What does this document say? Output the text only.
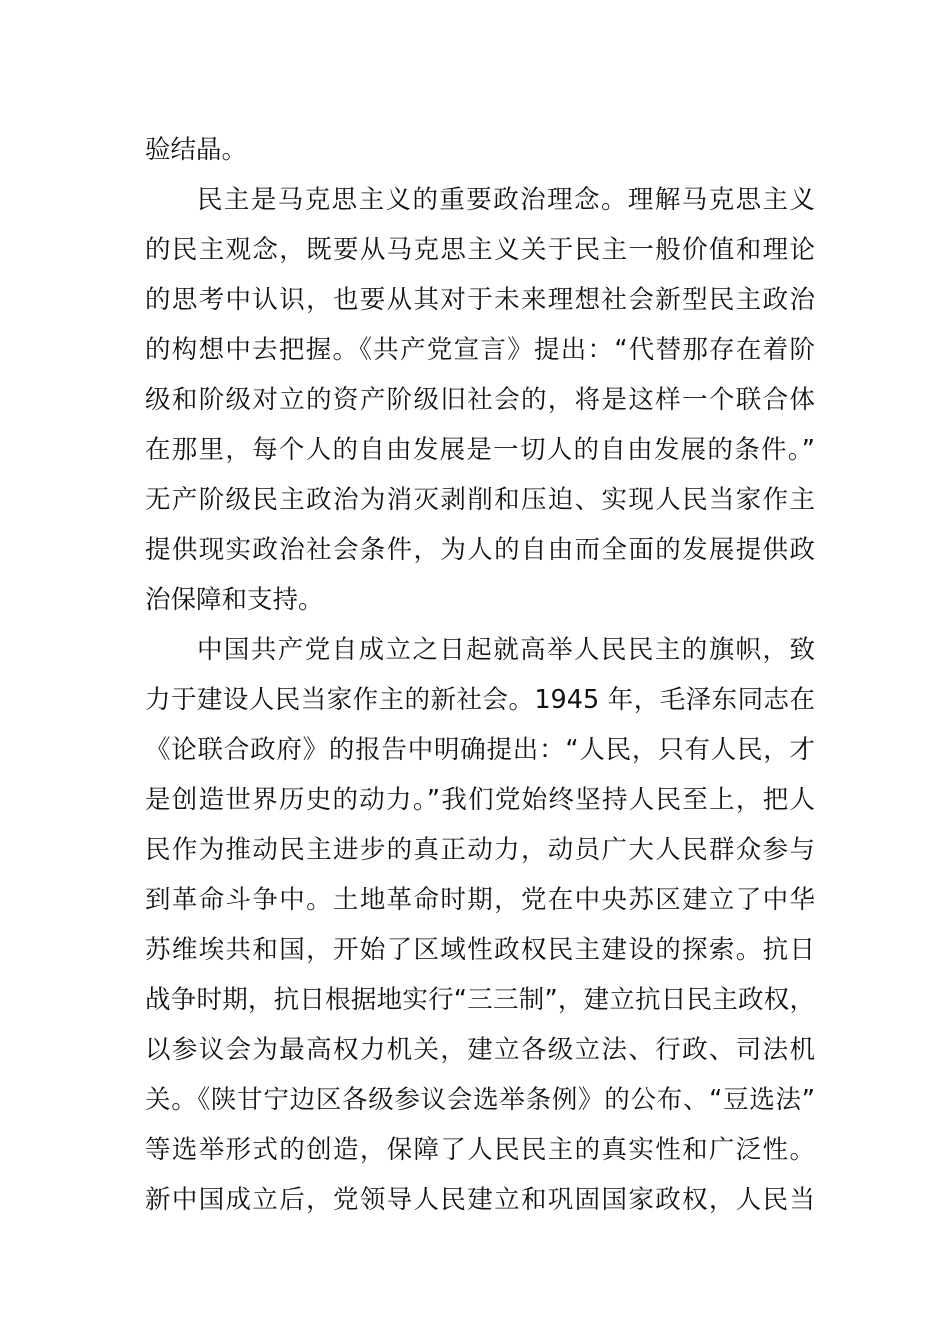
验结晶。
民主是马克思主义的重要政治理念。理解马克思主义
的民主观念，既要从马克思主义关于民主一般价值和理论
的思考中认识，也要从其对于未来理想社会新型民主政治
的构想中去把握。《共产党宣言》提出：“代替那存在着阶
级和阶级对立的资产阶级旧社会的，将是这样一个联合体
在那里，每个人的自由发展是一切人的自由发展的条件。”
无产阶级民主政治为消灭剥削和压迫、实现人民当家作主
提供现实政治社会条件，为人的自由而全面的发展提供政
治保障和支持。
中国共产党自成立之日起就高举人民民主的旗帜，致
力于建设人民当家作主的新社会。1945 年，毛泽东同志在
《论联合政府》的报告中明确提出：“人民，只有人民，才
是创造世界历史的动力。”我们党始终坚持人民至上，把人
民作为推动民主进步的真正动力，动员广大人民群众参与
到革命斗争中。土地革命时期，党在中央苏区建立了中华
苏维埃共和国，开始了区域性政权民主建设的探索。抗日
战争时期，抗日根据地实行“三三制”，建立抗日民主政权，
以参议会为最高权力机关，建立各级立法、行政、司法机
关。《陕甘宁边区各级参议会选举条例》的公布、“豆选法”
等选举形式的创造，保障了人民民主的真实性和广泛性。
新中国成立后，党领导人民建立和巩固国家政权，人民当
